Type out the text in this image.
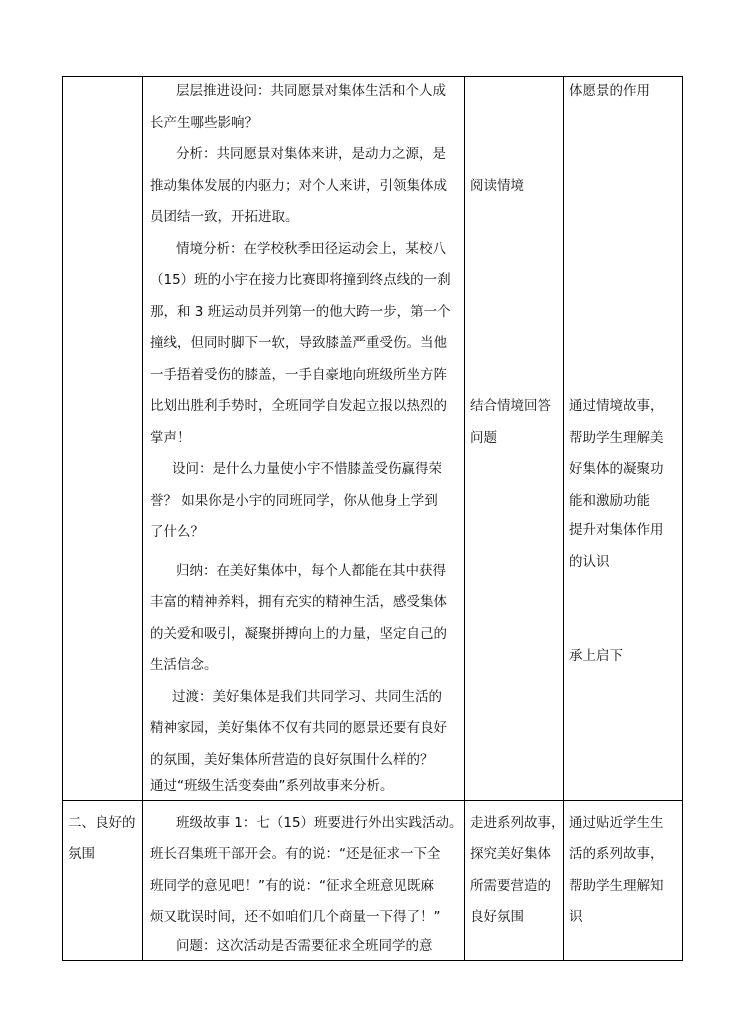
层层推进设问：共同愿景对集体生活和个人成
长产生哪些影响？
分析：共同愿景对集体来讲，是动力之源，是
推动集体发展的内驱力；对个人来讲，引领集体成
员团结一致，开拓进取。
情境分析：在学校秋季田径运动会上，某校八
（15）班的小宇在接力比赛即将撞到终点线的一刹
那，和 3 班运动员并列第一的他大跨一步，第一个
撞线，但同时脚下一软，导致膝盖严重受伤。当他
一手捂着受伤的膝盖，一手自豪地向班级所坐方阵
比划出胜利手势时，全班同学自发起立报以热烈的
掌声！
设问：是什么力量使小宇不惜膝盖受伤赢得荣
誉？ 如果你是小宇的同班同学，你从他身上学到
了什么？
归纳：在美好集体中，每个人都能在其中获得
丰富的精神养料，拥有充实的精神生活，感受集体
的关爱和吸引，凝聚拼搏向上的力量，坚定自己的
生活信念。
过渡：美好集体是我们共同学习、共同生活的
精神家园，美好集体不仅有共同的愿景还要有良好
的氛围，美好集体所营造的良好氛围什么样的？
通过“班级生活变奏曲”系列故事来分析。
阅读情境
结合情境回答
问题
体愿景的作用
通过情境故事，
帮助学生理解美
好集体的凝聚功
能和激励功能
提升对集体作用
的认识
承上启下
二、良好的
氛围
班级故事 1：七（15）班要进行外出实践活动。
班长召集班干部开会。有的说：“还是征求一下全
班同学的意见吧！”有的说：“征求全班意见既麻
烦又耽误时间，还不如咱们几个商量一下得了！”
问题：这次活动是否需要征求全班同学的意
走进系列故事，
探究美好集体
所需要营造的
良好氛围
通过贴近学生生
活的系列故事，
帮助学生理解知
识
